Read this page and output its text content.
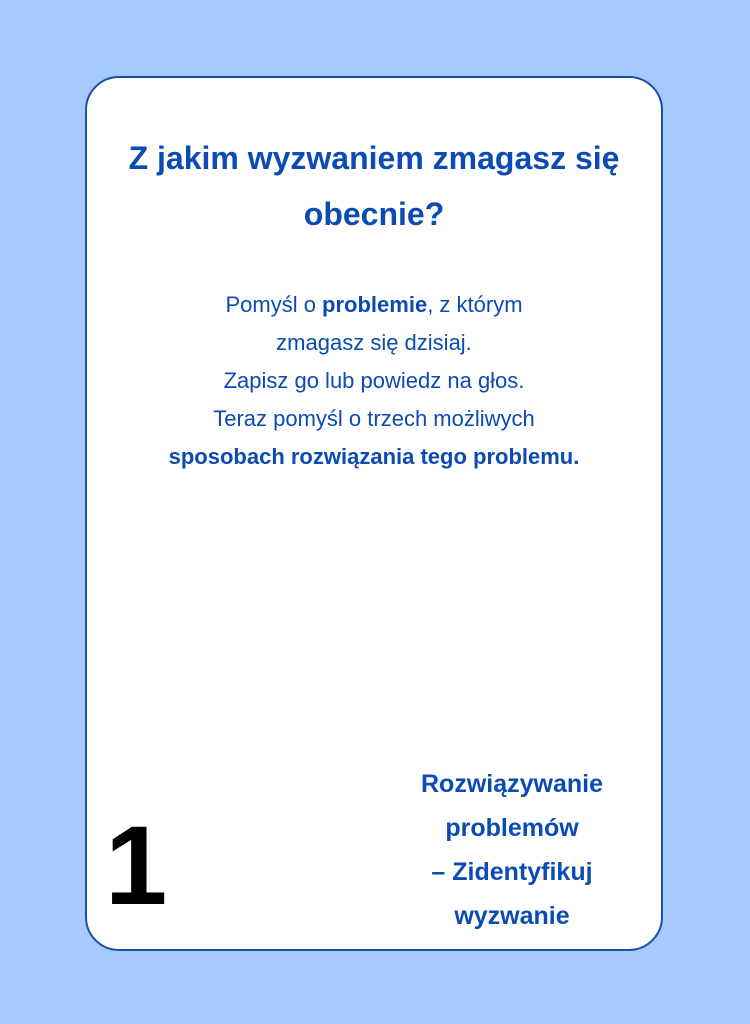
Z jakim wyzwaniem zmagasz się obecnie?

Pomyśl o problemie, z którym
zmagasz się dzisiaj.
Zapisz go lub powiedz na głos.
Teraz pomyśl o trzech możliwych
sposobach rozwiązania tego problemu.

1

Rozwiązywanie
problemów
– Zidentyfikuj
wyzwanie
